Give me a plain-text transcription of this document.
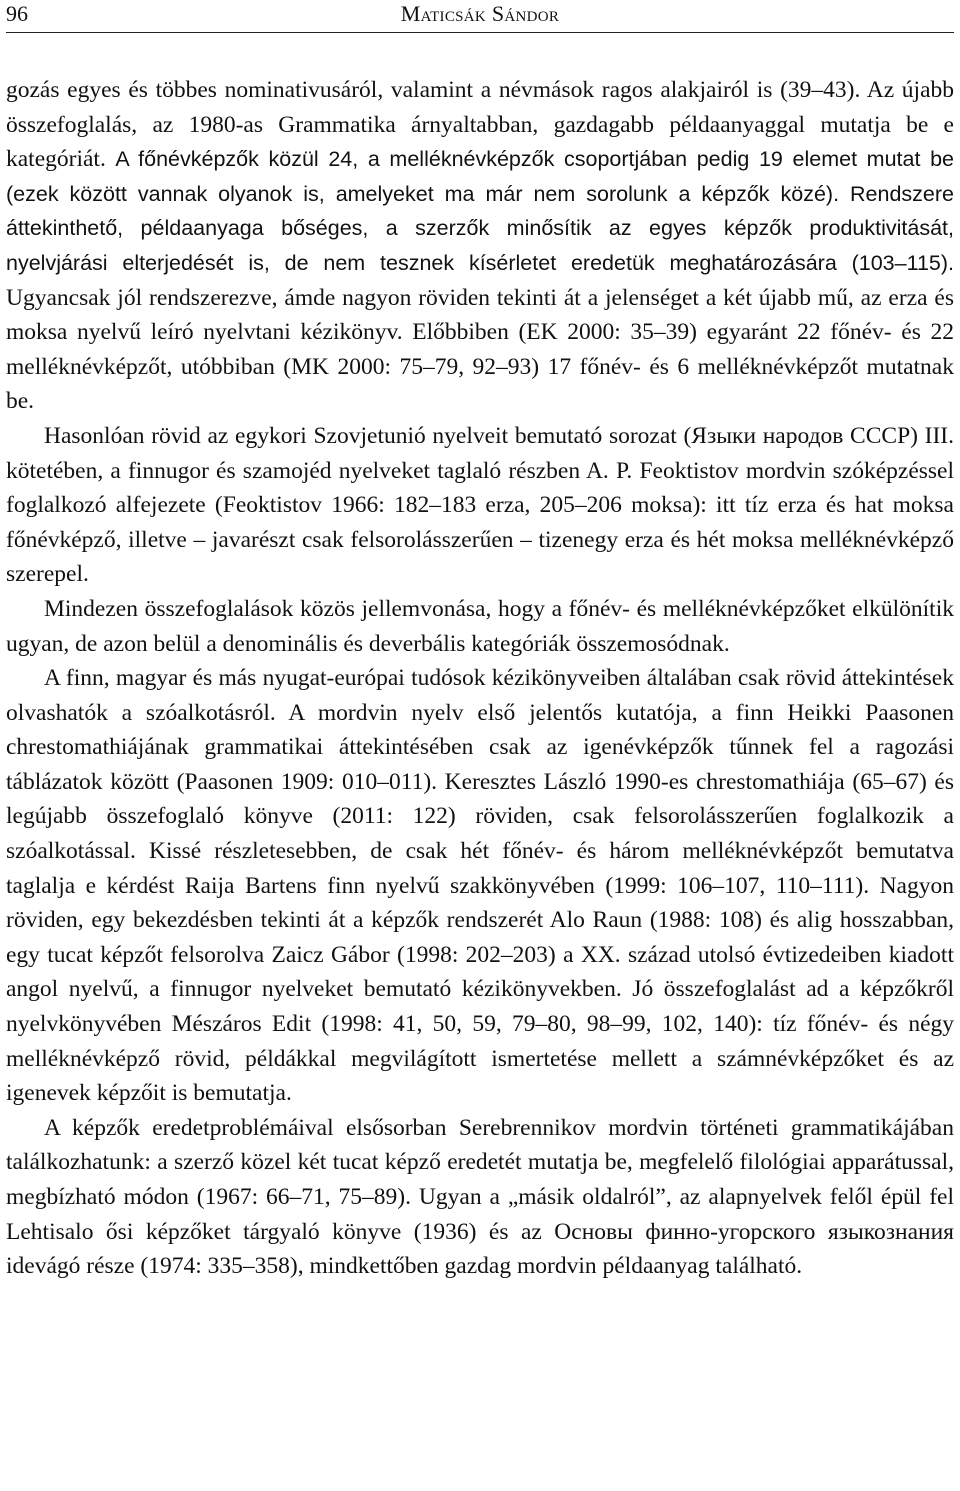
96	Maticsák Sándor

gozás egyes és többes nominativusáról, valamint a névmások ragos alakjairól is (39–43). Az újabb összefoglalás, az 1980-as Grammatika árnyaltabban, gazdagabb példaanyaggal mutatja be e kategóriát. A főnévképzők közül 24, a melléknévképzők csoportjában pedig 19 elemet mutat be (ezek között vannak olyanok is, amelyeket ma már nem sorolunk a képzők közé). Rendszere áttekinthető, példaanyaga bőséges, a szerzők minősítik az egyes képzők produktivitását, nyelvjárási elterjedését is, de nem tesznek kísérletet eredetük meghatározására (103–115). Ugyancsak jól rendszerezve, ámde nagyon röviden tekinti át a jelenséget a két újabb mű, az erza és moksa nyelvű leíró nyelvtani kézikönyv. Előbbiben (EK 2000: 35–39) egyaránt 22 főnév- és 22 melléknévképzőt, utóbbiban (MK 2000: 75–79, 92–93) 17 főnév- és 6 melléknévképzőt mutatnak be.

Hasonlóan rövid az egykori Szovjetunió nyelveit bemutató sorozat (Языки народов СССР) III. kötetében, a finnugor és szamojéd nyelveket taglaló részben A. P. Feoktistov mordvin szóképzéssel foglalkozó alfejezete (Feoktistov 1966: 182–183 erza, 205–206 moksa): itt tíz erza és hat moksa főnévképző, illetve – javarészt csak felsorolásszerűen – tizenegy erza és hét moksa melléknévképző szerepel.

Mindezen összefoglalások közös jellemvonása, hogy a főnév- és melléknévképzőket elkülönítik ugyan, de azon belül a denominális és deverbális kategóriák összemosódnak.

A finn, magyar és más nyugat-európai tudósok kézikönyveiben általában csak rövid áttekintések olvashatók a szóalkotásról. A mordvin nyelv első jelentős kutatója, a finn Heikki Paasonen chrestomathiájának grammatikai áttekintésében csak az igenévképzők tűnnek fel a ragozási táblázatok között (Paasonen 1909: 010–011). Keresztes László 1990-es chrestomathiája (65–67) és legújabb összefoglaló könyve (2011: 122) röviden, csak felsorolásszerűen foglalkozik a szóalkotással. Kissé részletesebben, de csak hét főnév- és három melléknévképzőt bemutatva taglalja e kérdést Raija Bartens finn nyelvű szakkönyvében (1999: 106–107, 110–111). Nagyon röviden, egy bekezdésben tekinti át a képzők rendszerét Alo Raun (1988: 108) és alig hosszabban, egy tucat képzőt felsorolva Zaicz Gábor (1998: 202–203) a XX. század utolsó évtizedeiben kiadott angol nyelvű, a finnugor nyelveket bemutató kézikönyvekben. Jó összefoglalást ad a képzőkről nyelvkönyvében Mészáros Edit (1998: 41, 50, 59, 79–80, 98–99, 102, 140): tíz főnév- és négy melléknévképző rövid, példákkal megvilágított ismertetése mellett a számnévképzőket és az igenevek képzőit is bemutatja.

A képzők eredetproblémáival elsősorban Serebrennikov mordvin történeti grammatikájában találkozhatunk: a szerző közel két tucat képző eredetét mutatja be, megfelelő filológiai apparátussal, megbízható módon (1967: 66–71, 75–89). Ugyan a „másik oldalról”, az alapnyelvek felől épül fel Lehtisalo ősi képzőket tárgyaló könyve (1936) és az Основы финно-угорского языкознания idevágó része (1974: 335–358), mindkettőben gazdag mordvin példaanyag található.
